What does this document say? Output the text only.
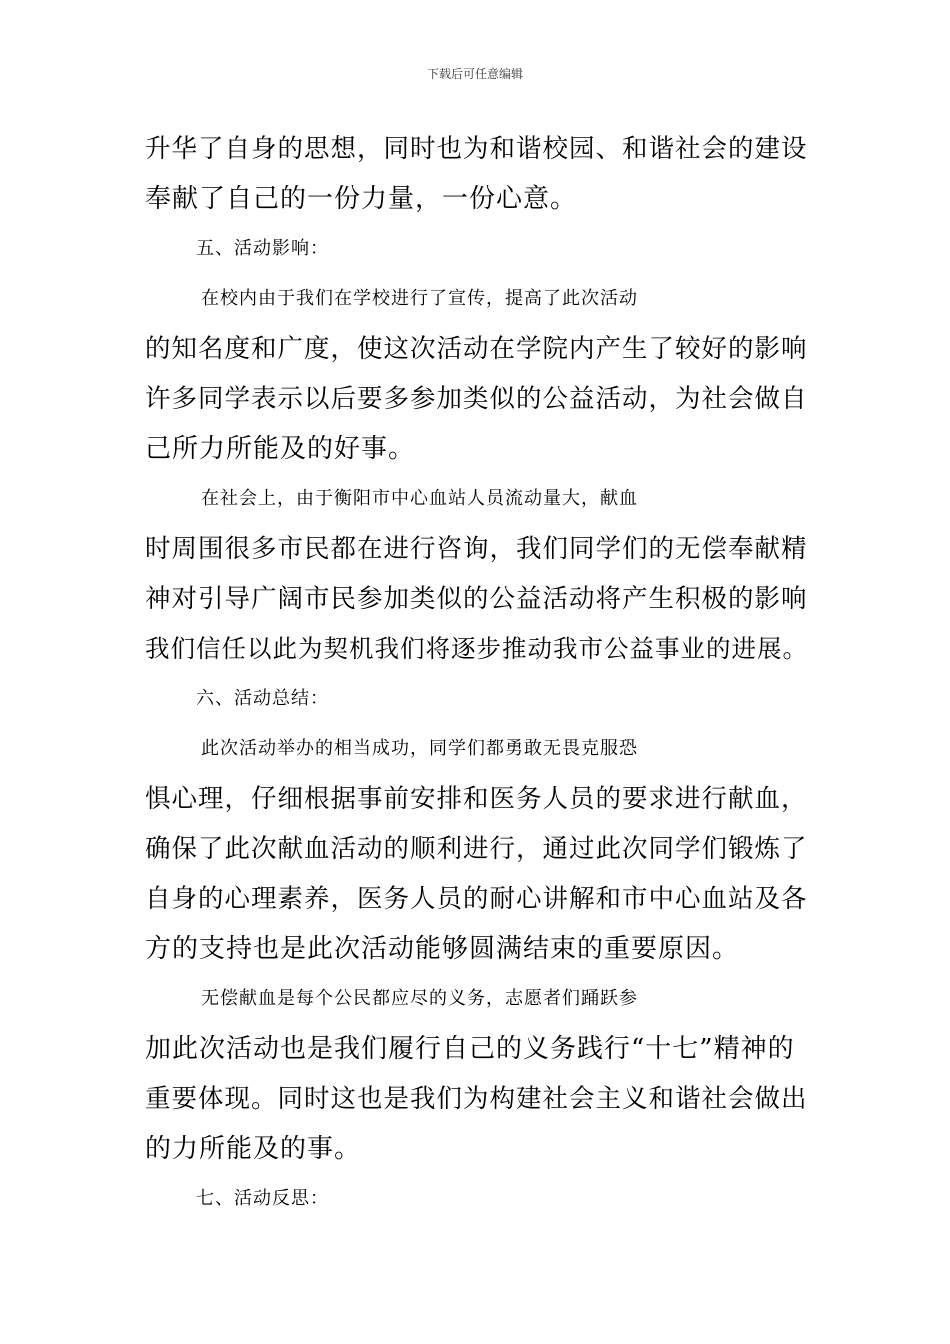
下载后可任意编辑
升华了自身的思想，同时也为和谐校园、和谐社会的建设
奉献了自己的一份力量，一份心意。
五、活动影响：
在校内由于我们在学校进行了宣传，提高了此次活动
的知名度和广度，使这次活动在学院内产生了较好的影响
许多同学表示以后要多参加类似的公益活动，为社会做自
己所力所能及的好事。
在社会上，由于衡阳市中心血站人员流动量大，献血
时周围很多市民都在进行咨询，我们同学们的无偿奉献精
神对引导广阔市民参加类似的公益活动将产生积极的影响
我们信任以此为契机我们将逐步推动我市公益事业的进展。
六、活动总结：
此次活动举办的相当成功，同学们都勇敢无畏克服恐
惧心理，仔细根据事前安排和医务人员的要求进行献血，
确保了此次献血活动的顺利进行，通过此次同学们锻炼了
自身的心理素养，医务人员的耐心讲解和市中心血站及各
方的支持也是此次活动能够圆满结束的重要原因。
无偿献血是每个公民都应尽的义务，志愿者们踊跃参
加此次活动也是我们履行自己的义务践行“十七”精神的
重要体现。同时这也是我们为构建社会主义和谐社会做出
的力所能及的事。
七、活动反思：
